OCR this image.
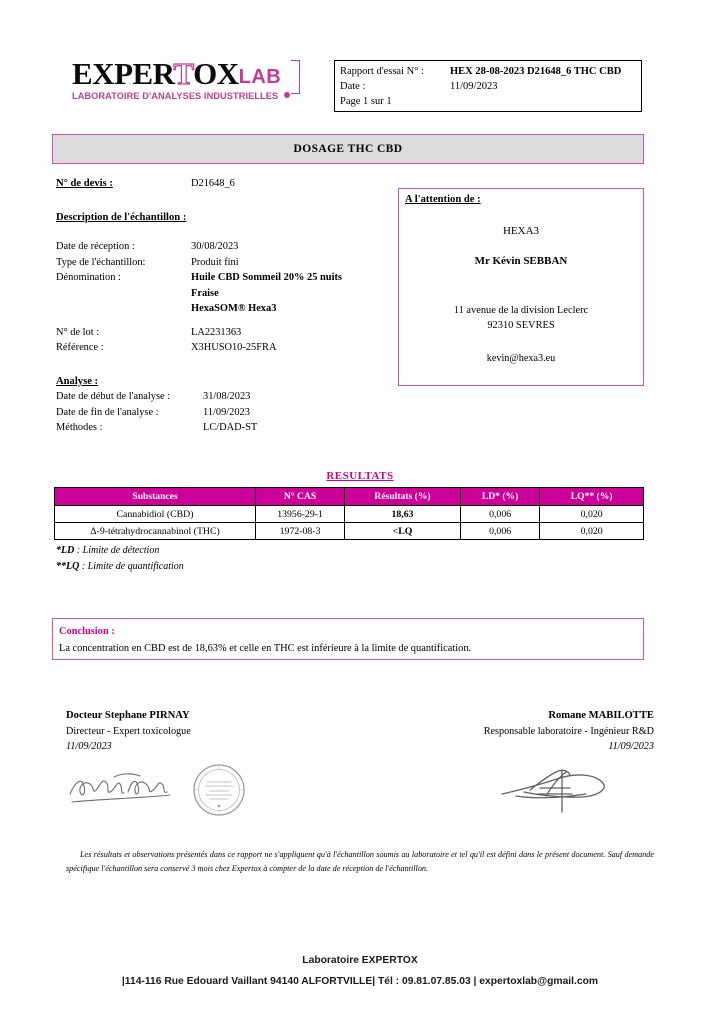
EXPERTOXLAB
LABORATOIRE D'ANALYSES INDUSTRIELLES
Rapport d'essai N° :	HEX 28-08-2023 D21648_6 THC CBD
Date :	11/09/2023
Page 1 sur 1
DOSAGE THC CBD
N° de devis :	D21648_6
Description de l'échantillon :
Date de réception :	30/08/2023
Type de l'échantillon:	Produit fini
Dénomination :	Huile CBD Sommeil 20% 25 nuits
Fraise
HexaSOM® Hexa3
N° de lot :	LA2231363
Référence :	X3HUSO10-25FRA
Analyse :
Date de début de l'analyse :	31/08/2023
Date de fin de l'analyse :	11/09/2023
Méthodes :	LC/DAD-ST
A l'attention de :
HEXA3
Mr Kévin SEBBAN
11 avenue de la division Leclerc
92310 SEVRES
kevin@hexa3.eu
RESULTATS
Substances	N° CAS	Résultats (%)	LD* (%)	LQ** (%)
Cannabidiol (CBD)	13956-29-1	18,63	0,006	0,020
Δ-9-tétrahydrocannabinol (THC)	1972-08-3	<LQ	0,006	0,020
*LD : Limite de détection
**LQ : Limite de quantification
Conclusion :
La concentration en CBD est de 18,63% et celle en THC est inférieure à la limite de quantification.
Docteur Stephane PIRNAY
Directeur - Expert toxicologue
11/09/2023
Romane MABILOTTE
Responsable laboratoire - Ingénieur R&D
11/09/2023
Les résultats et observations présentés dans ce rapport ne s'appliquent qu'à l'échantillon soumis au laboratoire et tel qu'il est défini dans le présent document. Sauf demande spécifique l'échantillon sera conservé 3 mois chez Expertox à compter de la date de réception de l'échantillon.
Laboratoire EXPERTOX
|114-116 Rue Edouard Vaillant 94140 ALFORTVILLE| Tél : 09.81.07.85.03 | expertoxlab@gmail.com
